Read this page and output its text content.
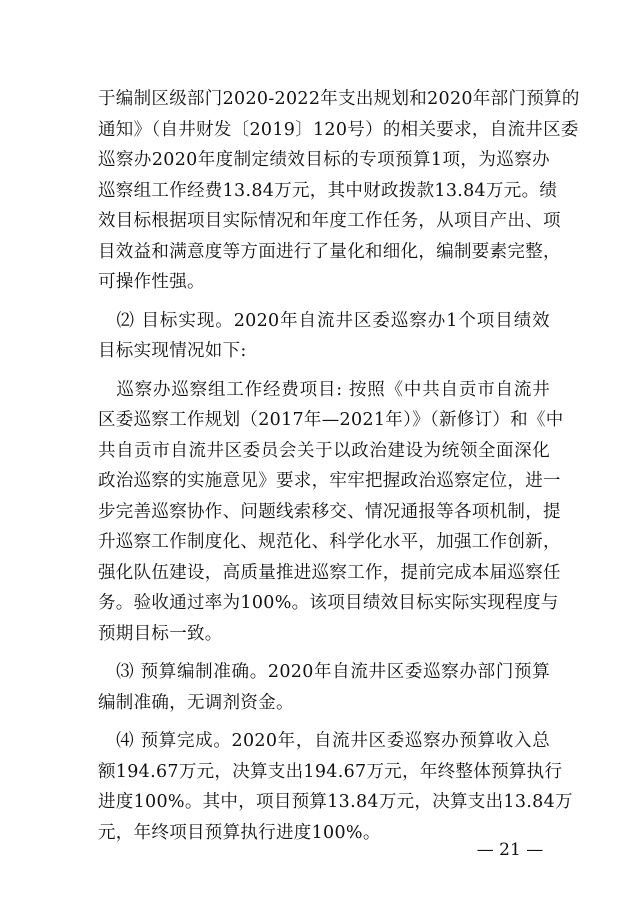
于编制区级部门2020-2022年支出规划和2020年部门预算的
通知》（自井财发〔2019〕120号）的相关要求，自流井区委
巡察办2020年度制定绩效目标的专项预算1项，为巡察办
巡察组工作经费13.84万元，其中财政拨款13.84万元。绩
效目标根据项目实际情况和年度工作任务，从项目产出、项
目效益和满意度等方面进行了量化和细化，编制要素完整，
可操作性强。
　⑵ 目标实现。2020年自流井区委巡察办1个项目绩效
目标实现情况如下:
　巡察办巡察组工作经费项目: 按照《中共自贡市自流井
区委巡察工作规划（2017年—2021年）》（新修订）和《中
共自贡市自流井区委员会关于以政治建设为统领全面深化
政治巡察的实施意见》要求，牢牢把握政治巡察定位，进一
步完善巡察协作、问题线索移交、情况通报等各项机制，提
升巡察工作制度化、规范化、科学化水平，加强工作创新，
强化队伍建设，高质量推进巡察工作，提前完成本届巡察任
务。验收通过率为100%。该项目绩效目标实际实现程度与
预期目标一致。
　⑶ 预算编制准确。2020年自流井区委巡察办部门预算
编制准确，无调剂资金。
　⑷ 预算完成。2020年，自流井区委巡察办预算收入总
额194.67万元，决算支出194.67万元，年终整体预算执行
进度100%。其中，项目预算13.84万元，决算支出13.84万
元，年终项目预算执行进度100%。
— 21 —
